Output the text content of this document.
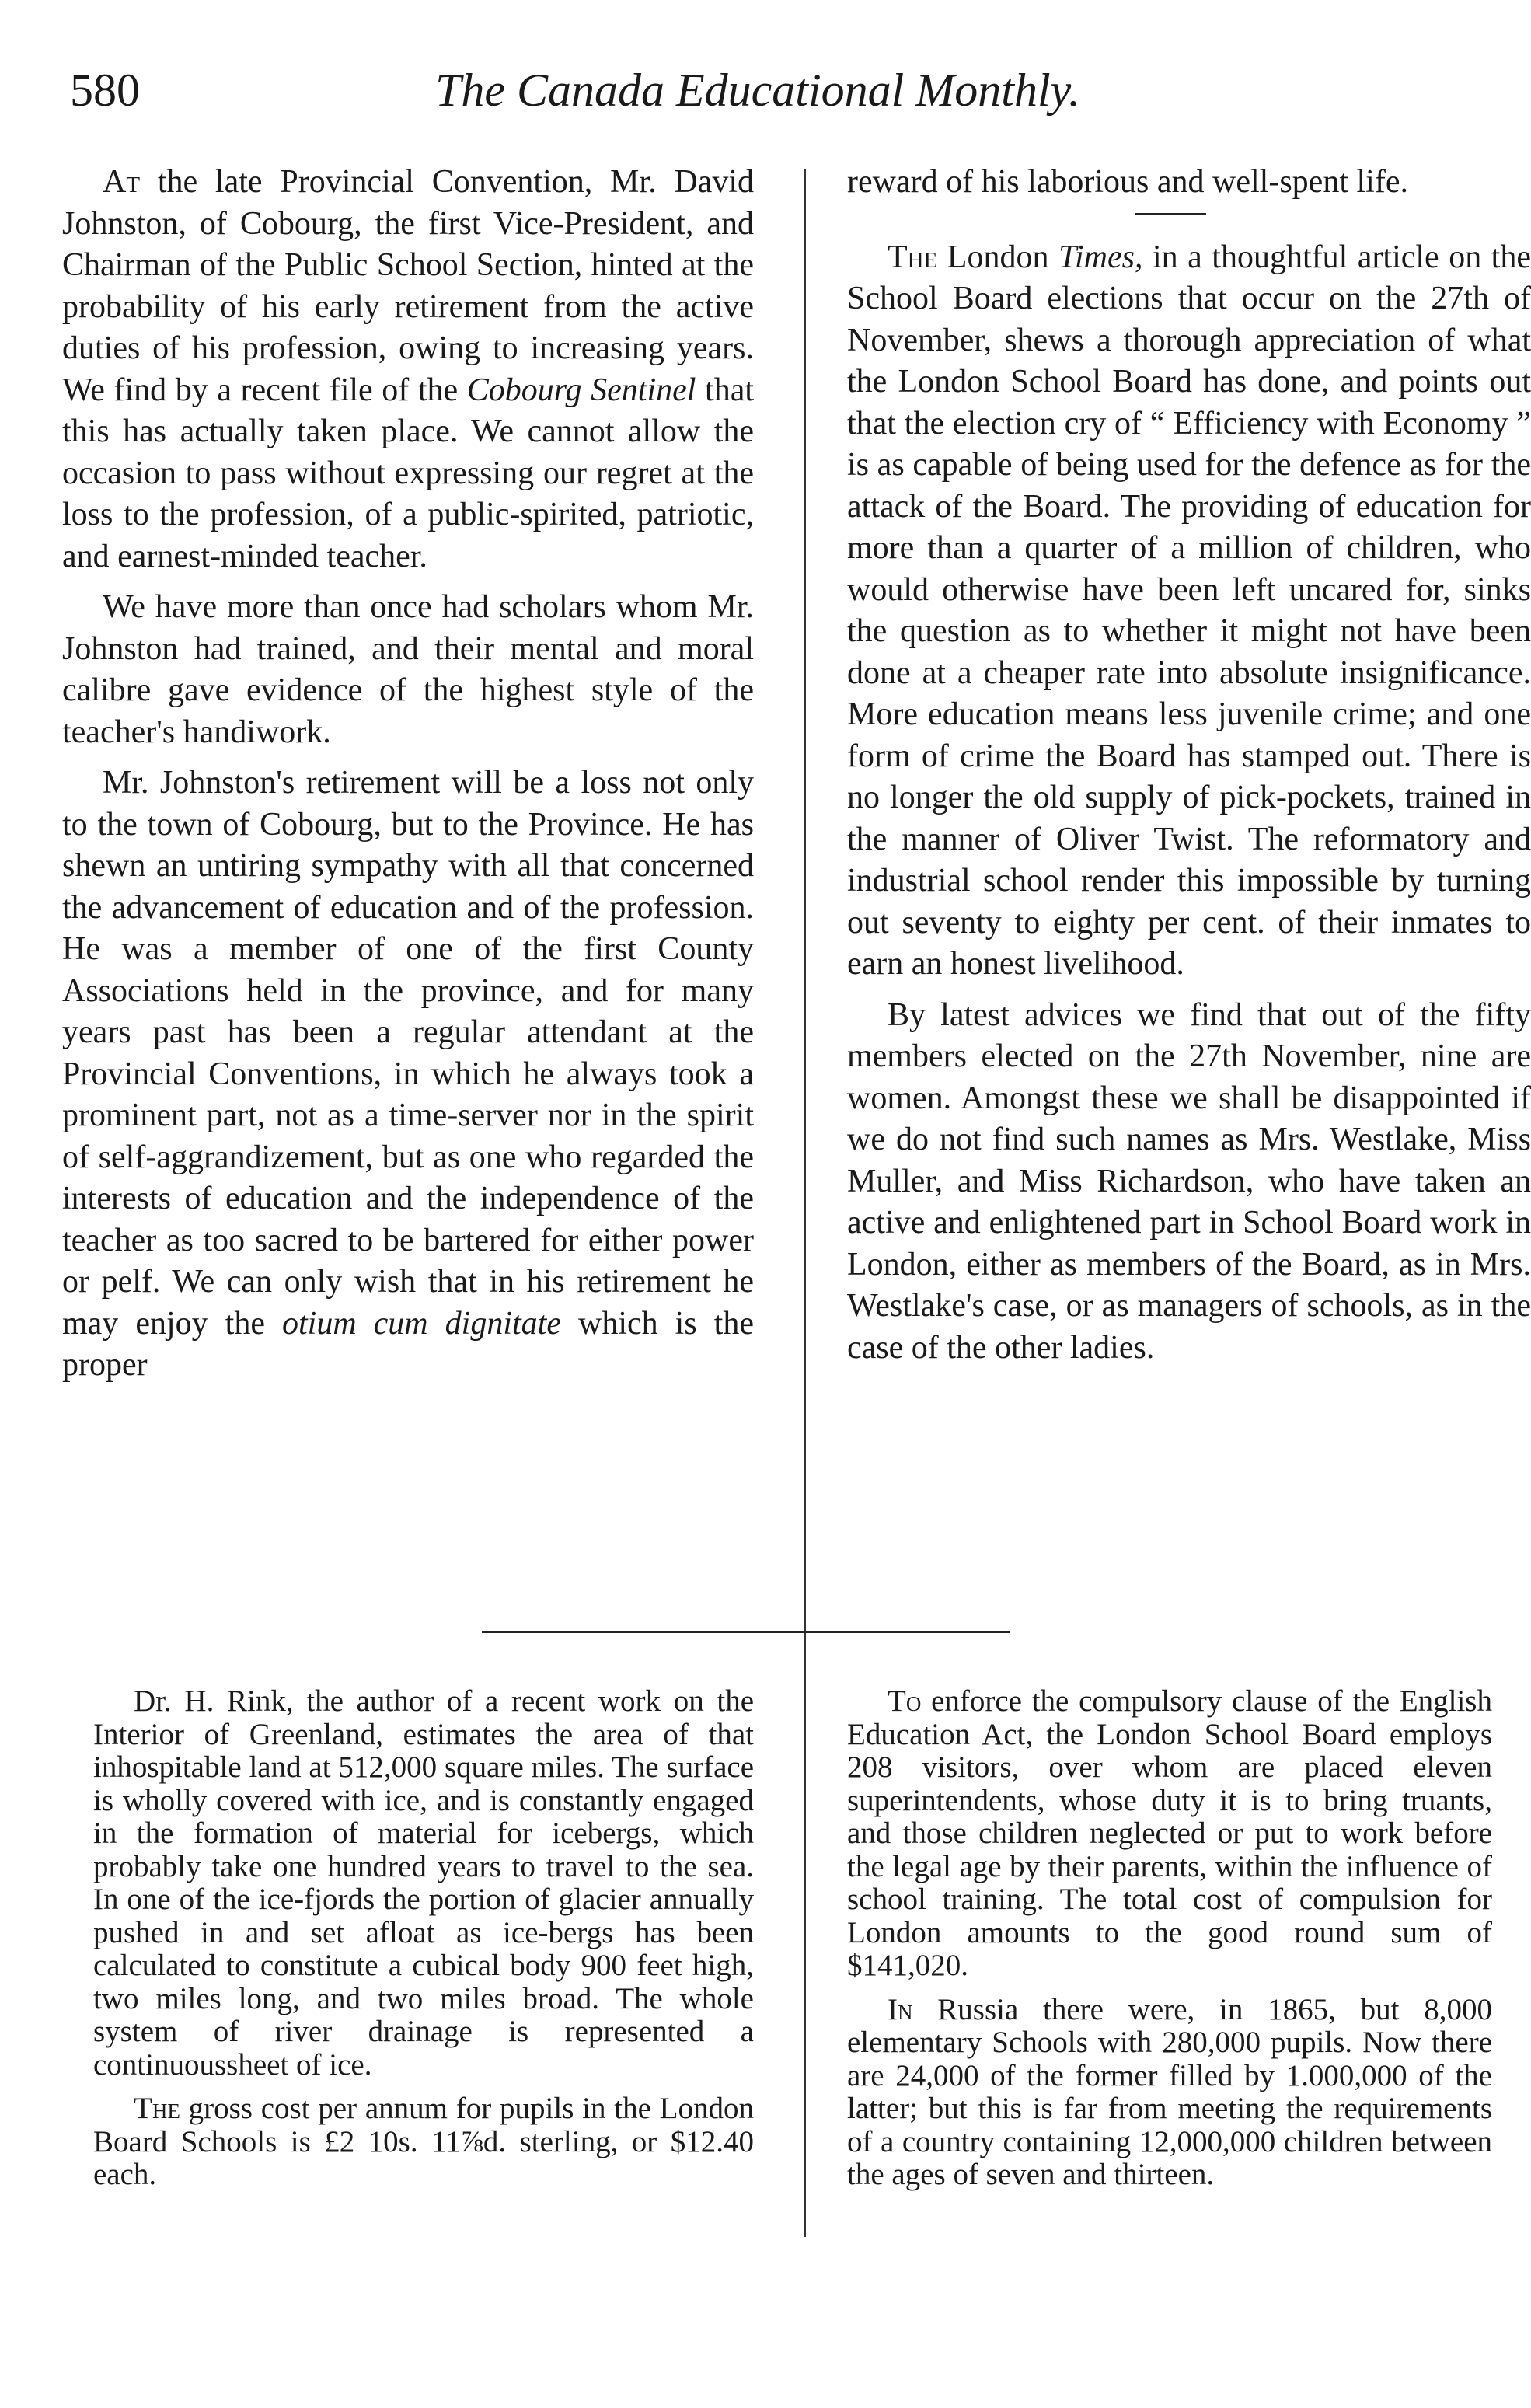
580	The Canada Educational Monthly.

At the late Provincial Convention, Mr. David Johnston, of Cobourg, the first Vice-President, and Chairman of the Public School Section, hinted at the probability of his early retirement from the active duties of his profession, owing to increasing years. We find by a recent file of the Cobourg Sentinel that this has actually taken place. We cannot allow the occasion to pass without expressing our regret at the loss to the profession, of a public-spirited, patriotic, and earnest-minded teacher.

We have more than once had scholars whom Mr. Johnston had trained, and their mental and moral calibre gave evidence of the highest style of the teacher's handiwork.

Mr. Johnston's retirement will be a loss not only to the town of Cobourg, but to the Province. He has shewn an untiring sympathy with all that concerned the advancement of education and of the profession. He was a member of one of the first County Associations held in the province, and for many years past has been a regular attendant at the Provincial Conventions, in which he always took a prominent part, not as a time-server nor in the spirit of self-aggrandizement, but as one who regarded the interests of education and the independence of the teacher as too sacred to be bartered for either power or pelf. We can only wish that in his retirement he may enjoy the otium cum dignitate which is the proper

reward of his laborious and well-spent life.

The London Times, in a thoughtful article on the School Board elections that occur on the 27th of November, shews a thorough appreciation of what the London School Board has done, and points out that the election cry of “ Efficiency with Economy ” is as capable of being used for the defence as for the attack of the Board. The providing of education for more than a quarter of a million of children, who would otherwise have been left uncared for, sinks the question as to whether it might not have been done at a cheaper rate into absolute insignificance. More education means less juvenile crime; and one form of crime the Board has stamped out. There is no longer the old supply of pick-pockets, trained in the manner of Oliver Twist. The reformatory and industrial school render this impossible by turning out seventy to eighty per cent. of their inmates to earn an honest livelihood.

By latest advices we find that out of the fifty members elected on the 27th November, nine are women. Amongst these we shall be disappointed if we do not find such names as Mrs. Westlake, Miss Muller, and Miss Richardson, who have taken an active and enlightened part in School Board work in London, either as members of the Board, as in Mrs. Westlake's case, or as managers of schools, as in the case of the other ladies.

Dr. H. Rink, the author of a recent work on the Interior of Greenland, estimates the area of that inhospitable land at 512,000 square miles. The surface is wholly covered with ice, and is constantly engaged in the formation of material for icebergs, which probably take one hundred years to travel to the sea. In one of the ice-fjords the portion of glacier annually pushed in and set afloat as ice-bergs has been calculated to constitute a cubical body 900 feet high, two miles long, and two miles broad. The whole system of river drainage is represented a continuoussheet of ice.

The gross cost per annum for pupils in the London Board Schools is £2 10s. 11⅞d. sterling, or $12.40 each.

To enforce the compulsory clause of the English Education Act, the London School Board employs 208 visitors, over whom are placed eleven superintendents, whose duty it is to bring truants, and those children neglected or put to work before the legal age by their parents, within the influence of school training. The total cost of compulsion for London amounts to the good round sum of $141,020.

In Russia there were, in 1865, but 8,000 elementary Schools with 280,000 pupils. Now there are 24,000 of the former filled by 1.000,000 of the latter; but this is far from meeting the requirements of a country containing 12,000,000 children between the ages of seven and thirteen.
